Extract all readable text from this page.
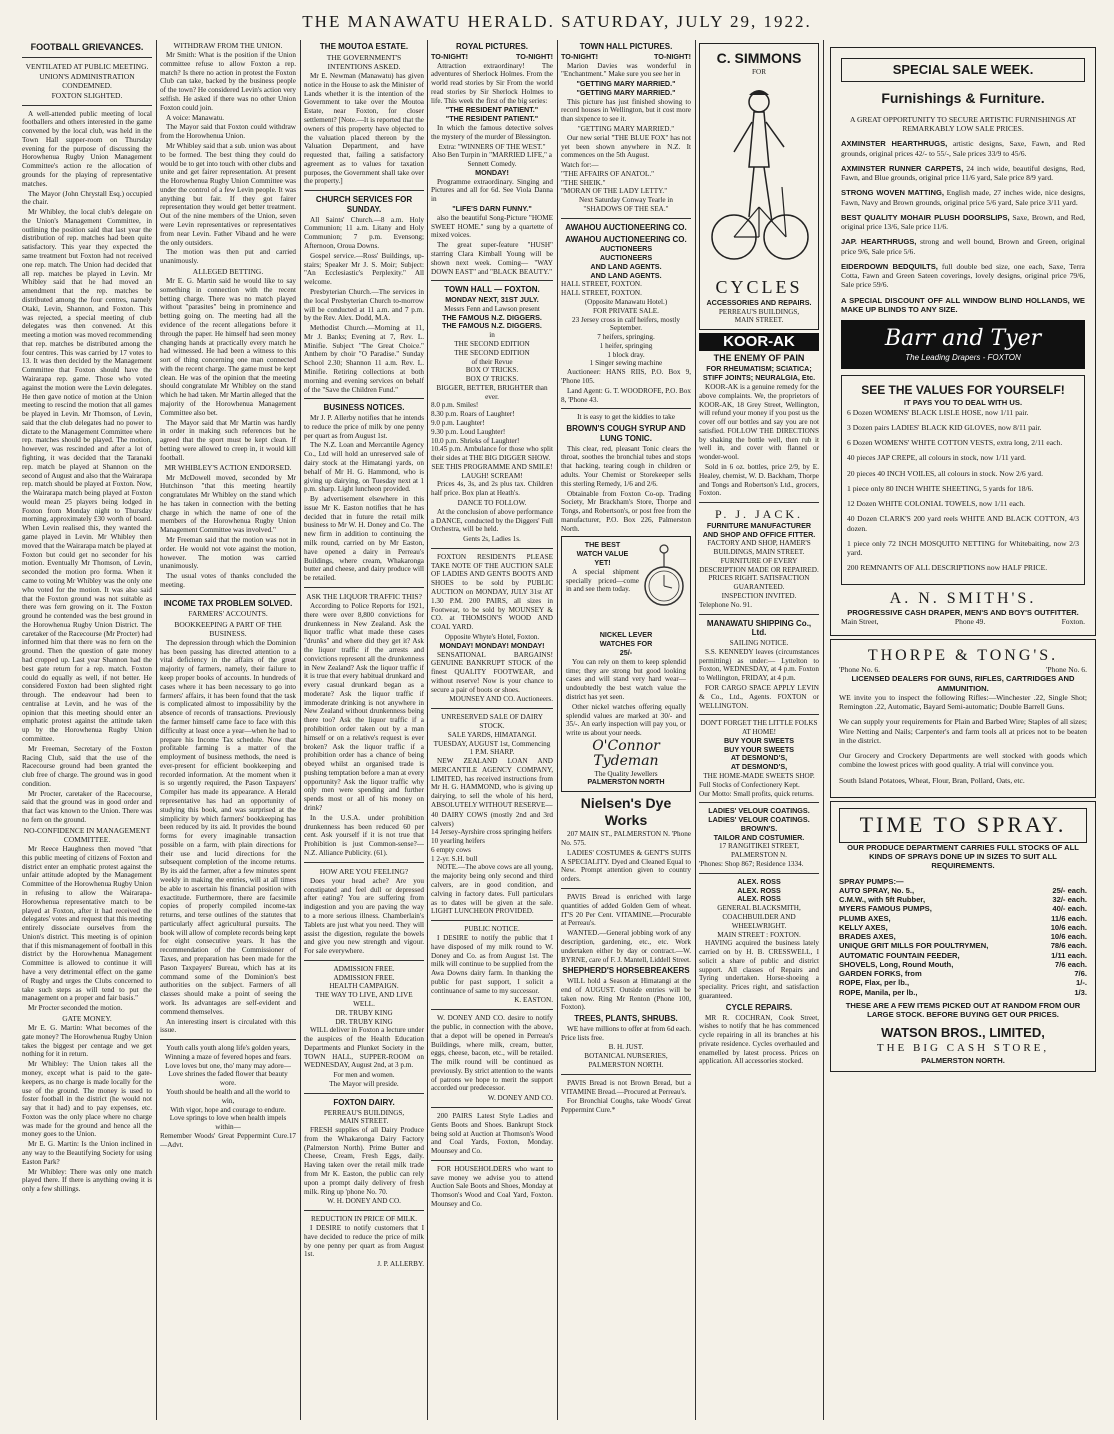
THE MANAWATU HERALD. SATURDAY, JULY 29, 1922.
FOOTBALL GRIEVANCES.
VENTILATED AT PUBLIC MEETING.
UNION'S ADMINISTRATION CONDEMNED.
FOXTON SLIGHTED.

A well-attended public meeting of local footballers and others interested in the game convened by the local club, was held in the Town Hall supper-room on Thursday evening for the purpose of discussing the Horowhenua Rugby Union Management Committee's action re the allocation of grounds for the playing of representative matches.

The Mayor (John Chrystall Esq.) occupied the chair.

Mr Whibley, the local club's delegate on the Union's Management Committee, in outlining the position said that last year the distribution of rep. matches had been quite satisfactory. This year they expected the same treatment but Foxton had not received one rep. match. The Union had decided that all rep. matches be played in Levin. Mr Whibley said that he had moved an amendment that the rep. matches be distributed among the four centres, namely Otaki, Levin, Shannon, and Foxton. This was rejected, a special meeting of club delegates was then convened. At this meeting a motion was moved recommending that rep. matches be distributed among the four centres. This was carried by 17 votes to 13. It was then decided by the Management Committee that Foxton should have the Wairarapa rep. game. Those who voted against the motion were the Levin delegates. He then gave notice of motion at the Union meeting to rescind the motion that all games be played in Levin. Mr Thomson, of Levin, said that the club delegates had no power to dictate to the Management Committee where rep. matches should be played. The motion, however, was rescinded and after a lot of fighting, it was decided that the Taranaki rep. match be played at Shannon on the second of August and also that the Wairarapa rep. match should be played at Foxton. Now, the Wairarapa match being played at Foxton would mean 25 players being lodged in Foxton from Monday night to Thursday morning, approximately £30 worth of board. When Levin realised this, they wanted the game played in Levin. Mr Whibley then moved that the Wairarapa match be played at Foxton but could get no seconder for his motion. Eventually Mr Thomson, of Levin, seconded the motion pro forma. When it came to voting Mr Whibley was the only one who voted for the motion. It was also said that the Foxton ground was not suitable as there was fern growing on it. The Foxton ground he contended was the best ground in the Horowhenua Rugby Union District. The caretaker of the Racecourse (Mr Procter) had informed him that there was no fern on the ground. Then the question of gate money had cropped up. Last year Shannon had the best gate return for a rep. match. Foxton could do equally as well, if not better. He considered Foxton had been slighted right through. The endeavour had been to centralise at Levin, and he was of the opinion that this meeting should enter an emphatic protest against the attitude taken up by the Horowhenua Rugby Union committee.

Mr Freeman, Secretary of the Foxton Racing Club, said that the use of the Racecourse ground had been granted the club free of charge. The ground was in good condition.

Mr Procter, caretaker of the Racecourse, said that the ground was in good order and that fact was known to the Union. There was no fern on the ground.

NO-CONFIDENCE IN MANAGEMENT COMMITTEE.

Mr Reece Haughness then moved "that this public meeting of citizens of Foxton and district enter an emphatic protest against the unfair attitude adopted by the Management Committee of the Horowhenua Rugby Union in refusing to allow the Wairarapa-Horowhenua representative match to be played at Foxton, after it had received the delegates' votes and request that this meeting entirely dissociate ourselves from the Union's district. This meeting is of opinion that if this mismanagement of football in this district by the Horowhenua Management Committee is allowed to continue it will have a very detrimental effect on the game of Rugby and urges the Clubs concerned to take such steps as will tend to put the management on a proper and fair basis."

Mr Procter seconded the motion.

GATE MONEY.

Mr E. G. Martin: What becomes of the gate money? The Horowhenua Rugby Union takes the biggest per centage and we get nothing for it in return.

Mr Whibley: The Union takes all the money, except what is paid to the gate-keepers, as no charge is made locally for the use of the ground. The money is used to foster football in the district (he would not say that it had) and to pay expenses, etc. Foxton was the only place where no charge was made for the ground and hence all the money goes to the Union.

Mr E. G. Martin: Is the Union inclined in any way to the Beautifying Society for using Easton Park?

Mr Whibley: There was only one match played there. If there is anything owing it is only a few shillings.

WITHDRAW FROM THE UNION.

Mr Smith: What is the position if the Union committee refuse to allow Foxton a rep. match? Is there no action in protest the Foxton Club can take, backed by the business people of the town? He considered Levin's action very selfish. He asked if there was no other Union Foxton could join.

A voice: Manawatu.

The Mayor said that Foxton could withdraw from the Horowhenua Union.

Mr Whibley said that a sub. union was about to be formed. The best thing they could do would be to get into touch with other clubs and unite and get fairer representation. At present the Horowhenua Rugby Union Committee was under the control of a few Levin people. It was anything but fair. If they got fairer representation they would get better treatment. Out of the nine members of the Union, seven were Levin representatives or representatives from near Levin. Father Vibaud and he were the only outsiders.

The motion was then put and carried unanimously.

ALLEGED BETTING.

Mr E. G. Martin said he would like to say something in connection with the recent betting charge. There was no match played without "parasites" being in prominence and betting going on. The meeting had all the evidence of the recent allegations before it through the paper. He himself had seen money changing hands at practically every match he had witnessed. He had been a witness to this sort of thing concerning one man connected with the recent charge. The game must be kept clean. He was of the opinion that the meeting should congratulate Mr Whibley on the stand which he had taken. Mr Martin alleged that the majority of the Horowhenua Management Committee also bet.

The Mayor said that Mr Martin was hardly in order in making such references but he agreed that the sport must be kept clean. If betting were allowed to creep in, it would kill football.

MR WHIBLEY'S ACTION ENDORSED.

Mr McDowell moved, seconded by Mr Hutchinson "that this meeting heartily congratulates Mr Whibley on the stand which he has taken in connection with the betting charge in which the name of one of the members of the Horowhenua Rugby Union Management Committee was involved."

Mr Freeman said that the motion was not in order. He would not vote against the motion, however. The motion was carried unanimously.

The usual votes of thanks concluded the meeting.

INCOME TAX PROBLEM SOLVED.
FARMERS' ACCOUNTS.
BOOKKEEPING A PART OF THE BUSINESS.

The depression through which the Dominion has been passing has directed attention to a vital deficiency in the affairs of the great majority of farmers, namely, their failure to keep proper books of accounts. In hundreds of cases where it has been necessary to go into farmers' affairs, it has been found that the task is complicated almost to impossibility by the absence of records of transactions. Previously the farmer himself came face to face with this difficulty at least once a year—when he had to prepare his Income Tax schedule. Now that profitable farming is a matter of the employment of business methods, the need is ever-present for efficient bookkeeping and recorded information. At the moment when it is so urgently required, the Pason Taxpayers' Compiler has made its appearance. A Herald representative has had an opportunity of studying this book, and was surprised at the simplicity by which farmers' bookkeeping has been reduced by its aid. It provides the bound forms for every imaginable transaction possible on a farm, with plain directions for their use and lucid directions for the subsequent completion of the income returns. By its aid the farmer, after a few minutes spent weekly in making the entries, will at all times be able to ascertain his financial position with exactitude. Furthermore, there are facsimile copies of properly compiled income-tax returns, and terse outlines of the statutes that particularly affect agricultural pursuits. The book will allow of complete records being kept for eight consecutive years. It has the recommendation of the Commissioner of Taxes, and preparation has been made for the Pason Taxpayers' Bureau, which has at its command some of the Dominion's best authorities on the subject. Farmers of all classes should make a point of seeing the work. Its advantages are self-evident and commend themselves.

An interesting insert is circulated with this issue.

Youth calls youth along life's golden years,
Winning a maze of fevered hopes and fears.
Love loves but one, tho' many may adore—
Love shrines the faded flower that beauty wore.
Youth should be health and all the world to win,
With vigor, hope and courage to endure.
Love springs to love when health impels within—
Remember Woods' Great Peppermint Cure.—Advt.
17
THE MOUTOA ESTATE.
THE GOVERNMENT'S INTENTIONS ASKED.

Mr E. Newman (Manawatu) has given notice in the House to ask the Minister of Lands whether it is the intention of the Government to take over the Moutoa Estate, near Foxton, for closer settlement? [Note.—It is reported that the owners of this property have objected to the valuation placed thereon by the Valuation Department, and have requested that, failing a satisfactory agreement as to values for taxation purposes, the Government shall take over the property.]

CHURCH SERVICES FOR SUNDAY.

All Saints' Church.—8 a.m. Holy Communion; 11 a.m. Litany and Holy Communion; 7 p.m. Evensong; Afternoon, Oroua Downs.

Gospel service.—Ross' Buildings, up-stairs; Speaker Mr J. S. Moir; Subject: "An Ecclesiastic's Perplexity." All welcome.

Presbyterian Church.—The services in the local Presbyterian Church to-morrow will be conducted at 11 a.m. and 7 p.m. by the Rev. Alex. Dodd, M.A.

Methodist Church.—Morning at 11, Mr J. Banks; Evening at 7, Rev. L. Minifie. Subject "The Great Choice." Anthem by choir "O Paradise." Sunday School 2.30; Shannon 11 a.m. Rev. L. Minifie. Retiring collections at both morning and evening services on behalf of the "Save the Children Fund."

BUSINESS NOTICES.

Mr J. P. Allerby notifies that he intends to reduce the price of milk by one penny per quart as from August 1st.

The N.Z. Loan and Mercantile Agency Co., Ltd will hold an unreserved sale of dairy stock at the Himatangi yards, on behalf of Mr H. G. Hammond, who is giving up dairying, on Tuesday next at 1 p.m. sharp. Light luncheon provided.

By advertisement elsewhere in this issue Mr K. Easton notifies that he has decided that in future the retail milk business to Mr W. H. Doney and Co. The new firm in addition to continuing the milk round, carried on by Mr Easton, have opened a dairy in Perreau's Buildings, where cream, Whakaronga butter and cheese, and dairy produce will be retailed.

ASK THE LIQUOR TRAFFIC THIS?

According to Police Reports for 1921, there were over 8,800 convictions for drunkenness in New Zealand. Ask the liquor traffic what made these cases "drunks" and where did they get it? Ask the liquor traffic if the arrests and convictions represent all the drunkenness in New Zealand? Ask the liquor traffic if it is true that every habitual drunkard and every casual drunkard began as a moderate? Ask the liquor traffic if immoderate drinking is not anywhere in New Zealand without drunkenness being there too? Ask the liquor traffic if a prohibition order taken out by a man himself or on a relative's request is ever broken? Ask the liquor traffic if a prohibition order has a chance of being obeyed whilst an organised trade is pushing temptation before a man at every opportunity? Ask the liquor traffic why only men were spending and further spends most or all of his money on drink?

In the U.S.A. under prohibition drunkenness has been reduced 60 per cent. Ask yourself if it is not true that Prohibition is just Common-sense?—N.Z. Alliance Publicity. (61).

HOW ARE YOU FEELING?

Does your head ache? Are you constipated and feel dull or depressed after eating? You are suffering from indigestion and you are paving the way to a more serious illness. Chamberlain's Tablets are just what you need. They will assist the digestion, regulate the bowels and give you new strength and vigour. For sale everywhere.

ADMISSION FREE.
ADMISSION FREE.
HEALTH CAMPAIGN.
THE WAY TO LIVE, AND LIVE WELL.
DR. TRUBY KING
DR. TRUBY KING

WILL deliver in Foxton a lecture under the auspices of the Health Education Departments and Plunket Society in the TOWN HALL, SUPPER-ROOM on WEDNESDAY, August 2nd, at 3 p.m.

For men and women.
The Mayor will preside.
FOXTON DAIRY.
PERREAU'S BUILDINGS,
MAIN STREET.

FRESH supplies of all Dairy Produce from the Whakaronga Dairy Factory (Palmerston North). Prime Butter and Cheese, Cream, Fresh Eggs, daily. Having taken over the retail milk trade from Mr K. Easton, the public can rely upon a prompt daily delivery of fresh milk. Ring up 'phone No. 70.

W. H. DONEY AND CO.
REDUCTION IN PRICE OF MILK.

I DESIRE to notify customers that I have decided to reduce the price of milk by one penny per quart as from August 1st.

J. P. ALLERBY.
ROYAL PICTURES.
TO-NIGHT!	TO-NIGHT!

Attraction extraordinary! The adventures of Sherlock Holmes. From the world read stories by Sir From the world read stories by Sir Sherlock Holmes to life. This week the first of the big series:

"THE RESIDENT PATIENT."
"THE RESIDENT PATIENT."

In which the famous detective solves the mystery of the murder of Blessington.

Extra: "WINNERS OF THE WEST."
Also Ben Turpin in "MARRIED LIFE," a Sennett Comedy.
MONDAY!

Programme extraordinary. Singing and Pictures and all for 6d. See Viola Danna in

"LIFE'S DARN FUNNY."

also the beautiful Song-Picture "HOME SWEET HOME." sung by a quartette of mixed voices.

The great super-feature "HUSH" starring Clara Kimball Young will be shown next week. Coming— "WAY DOWN EAST" and "BLACK BEAUTY."

TOWN HALL — FOXTON.
MONDAY NEXT, 31ST JULY.
Messrs Fenn and Lawson present
THE FAMOUS N.Z. DIGGERS.
THE FAMOUS N.Z. DIGGERS.
in
THE SECOND EDITION
THE SECOND EDITION
of their Revue
BOX O' TRICKS.
BOX O' TRICKS.
BIGGER, BETTER, BRIGHTER than ever.
8.0 p.m. Smiles!
8.30 p.m. Roars of Laughter!
9.0 p.m. Laughter!
9.30 p.m. Loud Laughter!
10.0 p.m. Shrieks of Laughter!
10.45 p.m. Ambulance for those who split their sides at THE BIG DIGGER SHOW.
SEE THIS PROGRAMME AND SMILE! LAUGH! SCREAM!

Prices 4s, 3s, and 2s plus tax. Children half price. Box plan at Heath's.

DANCE TO FOLLOW.

At the conclusion of above performance a DANCE, conducted by the Diggers' Full Orchestra, will be held.

Gents 2s, Ladies 1s.

FOXTON RESIDENTS PLEASE TAKE NOTE OF THE AUCTION SALE OF LADIES AND GENTS BOOTS AND SHOES to be sold by PUBLIC AUCTION on MONDAY, JULY 31st AT 1.30 P.M. 200 PAIRS, all sizes in Footwear, to be sold by MOUNSEY & CO. at THOMSON'S WOOD AND COAL YARD.

Opposite Whyte's Hotel, Foxton.
MONDAY! MONDAY! MONDAY!

SENSATIONAL BARGAINS! GENUINE BANKRUPT STOCK of the finest QUALITY FOOTWEAR, and without reserve! Now is your chance to secure a pair of boots or shoes.

MOUNSEY AND CO. Auctioneers.
UNRESERVED SALE OF DAIRY STOCK.
SALE YARDS, HIMATANGI.
TUESDAY, AUGUST 1st, Commencing 1 P.M. SHARP.

NEW ZEALAND LOAN AND MERCANTILE AGENCY COMPANY, LIMITED, has received instructions from Mr H. G. HAMMOND, who is giving up dairying, to sell the whole of his herd, ABSOLUTELY WITHOUT RESERVE—

40 DAIRY COWS (mostly 2nd and 3rd calvers)
14 Jersey-Ayrshire cross springing heifers
10 yearling heifers
6 empty cows
1 2-yr. S.H. bull

NOTE.—The above cows are all young, the majority being only second and third calvers, are in good condition, and calving in factory dates. Full particulars as to dates will be given at the sale. LIGHT LUNCHEON PROVIDED.

PUBLIC NOTICE.

I DESIRE to notify the public that I have disposed of my milk round to W. Doney and Co. as from August 1st. The milk will continue to be supplied from the Awa Downs dairy farm. In thanking the public for past support, I solicit a continuance of same to my successor.

K. EASTON.

W. DONEY AND CO. desire to notify the public, in connection with the above, that a depot will be opened in Perreau's Buildings, where milk, cream, butter, eggs, cheese, bacon, etc., will be retailed. The milk round will be continued as previously. By strict attention to the wants of patrons we hope to merit the support accorded our predecessor.

W. DONEY AND CO.

200 PAIRS Latest Style Ladies and Gents Boots and Shoes. Bankrupt Stock being sold at Auction at Thomson's Wood and Coal Yards, Foxton, Monday. Mounsey and Co.

FOR HOUSEHOLDERS who want to save money we advise you to attend Auction Sale Boots and Shoes, Monday at Thomson's Wood and Coal Yard, Foxton. Mounsey and Co.

TOWN HALL PICTURES.
TO-NIGHT!	TO-NIGHT!

Marion Davies was wonderful in "Enchantment." Make sure you see her in

"GETTING MARY MARRIED."
"GETTING MARY MARRIED."

This picture has just finished showing to record houses in Wellington, but it cost more than sixpence to see it.

"GETTING MARY MARRIED."

Our new serial "THE BLUE FOX" has not yet been shown anywhere in N.Z. It commences on the 5th August.

Watch for:—
"THE AFFAIRS OF ANATOL."
"THE SHEIK."
"MORAN OF THE LADY LETTY."
Next Saturday Conway Tearle in "SHADOWS OF THE SEA."
AWAHOU AUCTIONEERING CO.
AWAHOU AUCTIONEERING CO.
AUCTIONEERS
AUCTIONEERS
AND LAND AGENTS.
AND LAND AGENTS.
HALL STREET, FOXTON.
HALL STREET, FOXTON.
(Opposite Manawatu Hotel.)
FOR PRIVATE SALE.
23 Jersey cross in calf heifers, mostly September.
7 heifers, springing.
1 heifer, springing
1 block dray.
1 Singer sewing machine

Auctioneer: HANS RIIS, P.O. Box 9, 'Phone 105.

Land Agent: G. T. WOODROFE, P.O. Box 8, 'Phone 43.

It is easy to get the kiddies to take
BROWN'S COUGH SYRUP AND LUNG TONIC.

This clear, red, pleasant Tonic clears the throat, soothes the bronchial tubes and stops that hacking, tearing cough in children or adults. Your Chemist or Storekeeper sells this sterling Remedy, 1/6 and 2/6.

Obtainable from Foxton Co-op. Trading Society, Mr Brackham's Store, Thorpe and Tongs, and Robertson's, or post free from the manufacturer, P.O. Box 226, Palmerston North.

THE BEST
WATCH VALUE
YET!

A special shipment specially priced—come in and see them today.

NICKEL LEVER
WATCHES FOR
25/-

You can rely on them to keep splendid time; they are strong but good looking cases and will stand very hard wear—undoubtedly the best watch value the district has yet seen.

Other nickel watches offering equally splendid values are marked at 30/- and 35/-. An early inspection will pay you, or write us about your needs.

O'Connor
Tydeman
The Quality Jewellers
PALMERSTON NORTH
Nielsen's Dye Works

207 MAIN ST., PALMERSTON N. 'Phone No. 575.

LADIES' COSTUMES & GENT'S SUITS A SPECIALITY. Dyed and Cleaned Equal to New. Prompt attention given to country orders.

PAVIS Bread is enriched with large quantities of added Golden Gem of wheat. IT'S 20 Per Cent. VITAMINE.—Procurable at Perreau's.

WANTED.—General jobbing work of any description, gardening, etc., etc. Work undertaken either by day or contract.—W. BYRNE, care of F. J. Mantell, Liddell Street.

SHEPHERD'S HORSEBREAKERS

WILL hold a Season at Himatangi at the end of AUGUST. Outside entries will be taken now. Ring Mr Renton (Phone 100, Foxton).

TREES, PLANTS, SHRUBS.

WE have millions to offer at from 6d each. Price lists free.

B. H. JUST.
BOTANICAL NURSERIES,
PALMERSTON NORTH.

PAVIS Bread is not Brown Bread, but a VITAMINE Bread.—Procured at Perreau's.

For Bronchial Coughs, take Woods' Great Peppermint Cure.*

C. SIMMONS
FOR
CYCLES
ACCESSORIES AND REPAIRS.
PERREAU'S BUILDINGS,
MAIN STREET.
KOOR-AK
THE ENEMY OF PAIN
FOR RHEUMATISM; SCIATICA; STIFF JOINTS; NEURALGIA, Etc.

KOOR-AK is a genuine remedy for the above complaints. We, the proprietors of KOOR-AK, 18 Grey Street, Wellington, will refund your money if you post us the cover off our bottles and say you are not satisfied. FOLLOW THE DIRECTIONS by shaking the bottle well, then rub it well in, and cover with flannel or wonder-wool.

Sold in 6 oz. bottles, price 2/9, by E. Healey, chemist, W. D. Backham, Thorpe and Tongs and Robertson's Ltd., grocers, Foxton.

P. J. JACK.
FURNITURE MANUFACTURER AND SHOP AND OFFICE FITTER.
FACTORY AND SHOP, HAMER'S BUILDINGS, MAIN STREET.
FURNITURE OF EVERY DESCRIPTION MADE OR REPAIRED.
PRICES RIGHT. SATISFACTION GUARANTEED.
INSPECTION INVITED.
Telephone No. 91.
MANAWATU SHIPPING Co., Ltd.
SAILING NOTICE.

S.S. KENNEDY leaves (circumstances permitting) as under:— Lyttelton to Foxton, WEDNESDAY, at 4 p.m. Foxton to Wellington, FRIDAY, at 4 p.m.

FOR CARGO SPACE APPLY LEVIN & Co., Ltd., Agents. FOXTON or WELLINGTON.

DON'T FORGET THE LITTLE FOLKS AT HOME!
BUY YOUR SWEETS
BUY YOUR SWEETS
AT DESMOND'S,
AT DESMOND'S,
THE HOME-MADE SWEETS SHOP.
Full Stocks of Confectionery Kept.
Our Motto: Small profits, quick returns.
LADIES' VELOUR COATINGS.
LADIES' VELOUR COATINGS.
BROWN'S.
TAILOR AND COSTUMIER.
17 RANGITIKEI STREET, PALMERSTON N.
'Phones: Shop 867; Residence 1334.
ALEX. ROSS
ALEX. ROSS
ALEX. ROSS
GENERAL BLACKSMITH, COACHBUILDER AND WHEELWRIGHT.
MAIN STREET : FOXTON.

HAVING acquired the business lately carried on by H. B. CRESSWELL, I solicit a share of public and district support. All classes of Repairs and Tyring undertaken. Horse-shoeing a speciality. Prices right, and satisfaction guaranteed.

CYCLE REPAIRS.

MR R. COCHRAN, Cook Street, wishes to notify that he has commenced cycle repairing in all its branches at his private residence. Cycles overhauled and enamelled by latest process. Prices on application. All accessories stocked.

SPECIAL SALE WEEK.
Furnishings & Furniture.

A GREAT OPPORTUNITY TO SECURE ARTISTIC FURNISHINGS AT REMARKABLY LOW SALE PRICES.

AXMINSTER HEARTHRUGS, artistic designs, Saxe, Fawn, and Red grounds, original prices 42/- to 55/-, Sale prices 33/9 to 45/6.

AXMINSTER RUNNER CARPETS, 24 inch wide, beautiful designs, Red, Fawn, and Blue grounds, original price 11/6 yard, Sale price 8/9 yard.

STRONG WOVEN MATTING, English made, 27 inches wide, nice designs, Fawn, Navy and Brown grounds, original price 5/6 yard, Sale price 3/11 yard.

BEST QUALITY MOHAIR PLUSH DOORSLIPS, Saxe, Brown, and Red, original price 13/6, Sale price 11/6.

JAP. HEARTHRUGS, strong and well bound, Brown and Green, original price 9/6, Sale price 5/6.

EIDERDOWN BEDQUILTS, full double bed size, one each, Saxe, Terra Cotta, Fawn and Green Sateen coverings, lovely designs, original price 79/6, Sale price 59/6.

A SPECIAL DISCOUNT OFF ALL WINDOW BLIND HOLLANDS, WE MAKE UP BLINDS TO ANY SIZE.

Barr and Tyer
The Leading Drapers - FOXTON
SEE THE VALUES FOR YOURSELF!
IT PAYS YOU TO DEAL WITH US.

6 Dozen WOMENS' BLACK LISLE HOSE, now 1/11 pair.

3 Dozen pairs LADIES' BLACK KID GLOVES, now 8/11 pair.

6 Dozen WOMENS' WHITE COTTON VESTS, extra long, 2/11 each.

40 pieces JAP CREPE, all colours in stock, now 1/11 yard.

20 pieces 40 INCH VOILES, all colours in stock. Now 2/6 yard.

1 piece only 80 INCH WHITE SHEETING, 5 yards for 18/6.

12 Dozen WHITE COLONIAL TOWELS, now 1/11 each.

40 Dozen CLARK'S 200 yard reels WHITE AND BLACK COTTON, 4/3 dozen.

1 piece only 72 INCH MOSQUITO NETTING for Whitebaiting, now 2/3 yard.

200 REMNANTS OF ALL DESCRIPTIONS now HALF PRICE.

A. N. SMITH'S.
PROGRESSIVE CASH DRAPER, MEN'S AND BOY'S OUTFITTER.
Main Street,	Phone 49.	Foxton.
THORPE & TONG'S.
'Phone No. 6.	'Phone No. 6.
LICENSED DEALERS FOR GUNS, RIFLES, CARTRIDGES AND AMMUNITION.

WE invite you to inspect the following Rifles:—Winchester .22, Single Shot; Remington .22, Automatic, Bayard Semi-automatic; Double Barrell Guns.

We can supply your requirements for Plain and Barbed Wire; Staples of all sizes; Wire Netting and Nails; Carpenter's and farm tools all at prices not to be beaten in the district.

Our Grocery and Crockery Departments are well stocked with goods which combine the lowest prices with good quality. A trial will convince you.

South Island Potatoes, Wheat, Flour, Bran, Pollard, Oats, etc.

TIME TO SPRAY.

OUR PRODUCE DEPARTMENT CARRIES FULL STOCKS OF ALL KINDS OF SPRAYS DONE UP IN SIZES TO SUIT ALL REQUIREMENTS.

SPRAY PUMPS:—
AUTO SPRAY, No. 5.,	25/- each.
C.M.W., with 5ft Rubber,	32/- each.
MYERS FAMOUS PUMPS,	40/- each.
PLUMB AXES,	11/6 each.
KELLY AXES,	10/6 each.
BRADES AXES,	10/6 each.
UNIQUE GRIT MILLS FOR POULTRYMEN,	78/6 each.
AUTOMATIC FOUNTAIN FEEDER,	1/11 each.
SHOVELS, Long, Round Mouth,	7/6 each.
GARDEN FORKS, from	7/6.
ROPE, Flax, per lb.,	1/-.
ROPE, Manila, per lb.,	1/3.

THESE ARE A FEW ITEMS PICKED OUT AT RANDOM FROM OUR LARGE STOCK. BEFORE BUYING GET OUR PRICES.

WATSON BROS., LIMITED,
THE BIG CASH STORE,
PALMERSTON NORTH.
